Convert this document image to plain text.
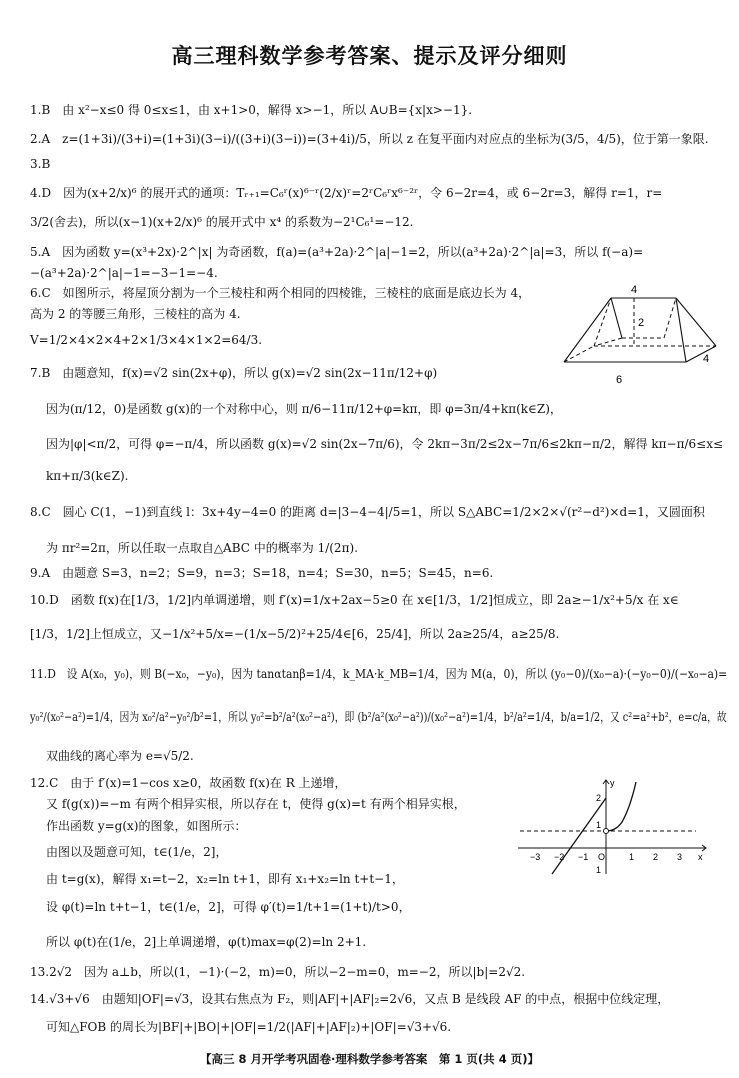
高三理科数学参考答案、提示及评分细则
1.B　由 x²−x≤0 得 0≤x≤1，由 x+1>0，解得 x>−1，所以 A∪B={x|x>−1}.
2.A　z=(1+3i)/(3+i)=(1+3i)(3−i)/((3+i)(3−i))=(3+4i)/5，所以 z 在复平面内对应点的坐标为(3/5，4/5)，位于第一象限.
3.B
4.D　因为(x+2/x)⁶ 的展开式的通项：Tᵣ₊₁=C₆ʳ(x)⁶⁻ʳ(2/x)ʳ=2ʳC₆ʳx⁶⁻²ʳ，令 6−2r=4，或 6−2r=3，解得 r=1，r=
3/2(舍去)，所以(x−1)(x+2/x)⁶ 的展开式中 x⁴ 的系数为−2¹C₆¹=−12.
5.A　因为函数 y=(x³+2x)·2^|x| 为奇函数，f(a)=(a³+2a)·2^|a|−1=2，所以(a³+2a)·2^|a|=3，所以 f(−a)=
−(a³+2a)·2^|a|−1=−3−1=−4.
6.C　如图所示，将屋顶分割为一个三棱柱和两个相同的四棱锥，三棱柱的底面是底边长为 4，
高为 2 的等腰三角形，三棱柱的高为 4.
V=1/2×4×2×4+2×1/3×4×1×2=64/3.
7.B　由题意知，f(x)=√2 sin(2x+φ)，所以 g(x)=√2 sin(2x−11π/12+φ)
因为(π/12，0)是函数 g(x)的一个对称中心，则 π/6−11π/12+φ=kπ，即 φ=3π/4+kπ(k∈Z)，
因为|φ|<π/2，可得 φ=−π/4，所以函数 g(x)=√2 sin(2x−7π/6)，令 2kπ−3π/2≤2x−7π/6≤2kπ−π/2，解得 kπ−π/6≤x≤
kπ+π/3(k∈Z).
8.C　圆心 C(1，−1)到直线 l：3x+4y−4=0 的距离 d=|3−4−4|/5=1，所以 S△ABC=1/2×2×√(r²−d²)×d=1，又圆面积
为 πr²=2π，所以任取一点取自△ABC 中的概率为 1/(2π).
9.A　由题意 S=3，n=2；S=9，n=3；S=18，n=4；S=30，n=5；S=45，n=6.
10.D　函数 f(x)在[1/3，1/2]内单调递增，则 f′(x)=1/x+2ax−5≥0 在 x∈[1/3，1/2]恒成立，即 2a≥−1/x²+5/x 在 x∈
[1/3，1/2]上恒成立，又−1/x²+5/x=−(1/x−5/2)²+25/4∈[6，25/4]，所以 2a≥25/4，a≥25/8.
11.D　设 A(x₀，y₀)，则 B(−x₀，−y₀)，因为 tanαtanβ=1/4，k_MA·k_MB=1/4，因为 M(a，0)，所以 (y₀−0)/(x₀−a)·(−y₀−0)/(−x₀−a)=
y₀²/(x₀²−a²)=1/4，因为 x₀²/a²−y₀²/b²=1，所以 y₀²=b²/a²(x₀²−a²)，即 (b²/a²(x₀²−a²))/(x₀²−a²)=1/4，b²/a²=1/4，b/a=1/2，又 c²=a²+b²，e=c/a，故
双曲线的离心率为 e=√5/2.
12.C　由于 f′(x)=1−cos x≥0，故函数 f(x)在 R 上递增，
又 f(g(x))=−m 有两个相异实根，所以存在 t，使得 g(x)=t 有两个相异实根，
作出函数 y=g(x)的图象，如图所示：
由图以及题意可知，t∈(1/e，2]，
由 t=g(x)，解得 x₁=t−2，x₂=ln t+1，即有 x₁+x₂=ln t+t−1，
设 φ(t)=ln t+t−1，t∈(1/e，2]，可得 φ′(t)=1/t+1=(1+t)/t>0，
所以 φ(t)在(1/e，2]上单调递增，φ(t)max=φ(2)=ln 2+1.
13.2√2　因为 a⊥b，所以(1，−1)·(−2，m)=0，所以−2−m=0，m=−2，所以|b|=2√2.
14.√3+√6　由题知|OF|=√3，设其右焦点为 F₂，则|AF|+|AF|₂=2√6，又点 B 是线段 AF 的中点，根据中位线定理，
可知△FOB 的周长为|BF|+|BO|+|OF|=1/2(|AF|+|AF|₂)+|OF|=√3+√6.
4
2
4
6
y
x
O
−3 −2 −1	1 2 3
2
1
1
【高三 8 月开学考巩固卷·理科数学参考答案　第 1 页(共 4 页)】
